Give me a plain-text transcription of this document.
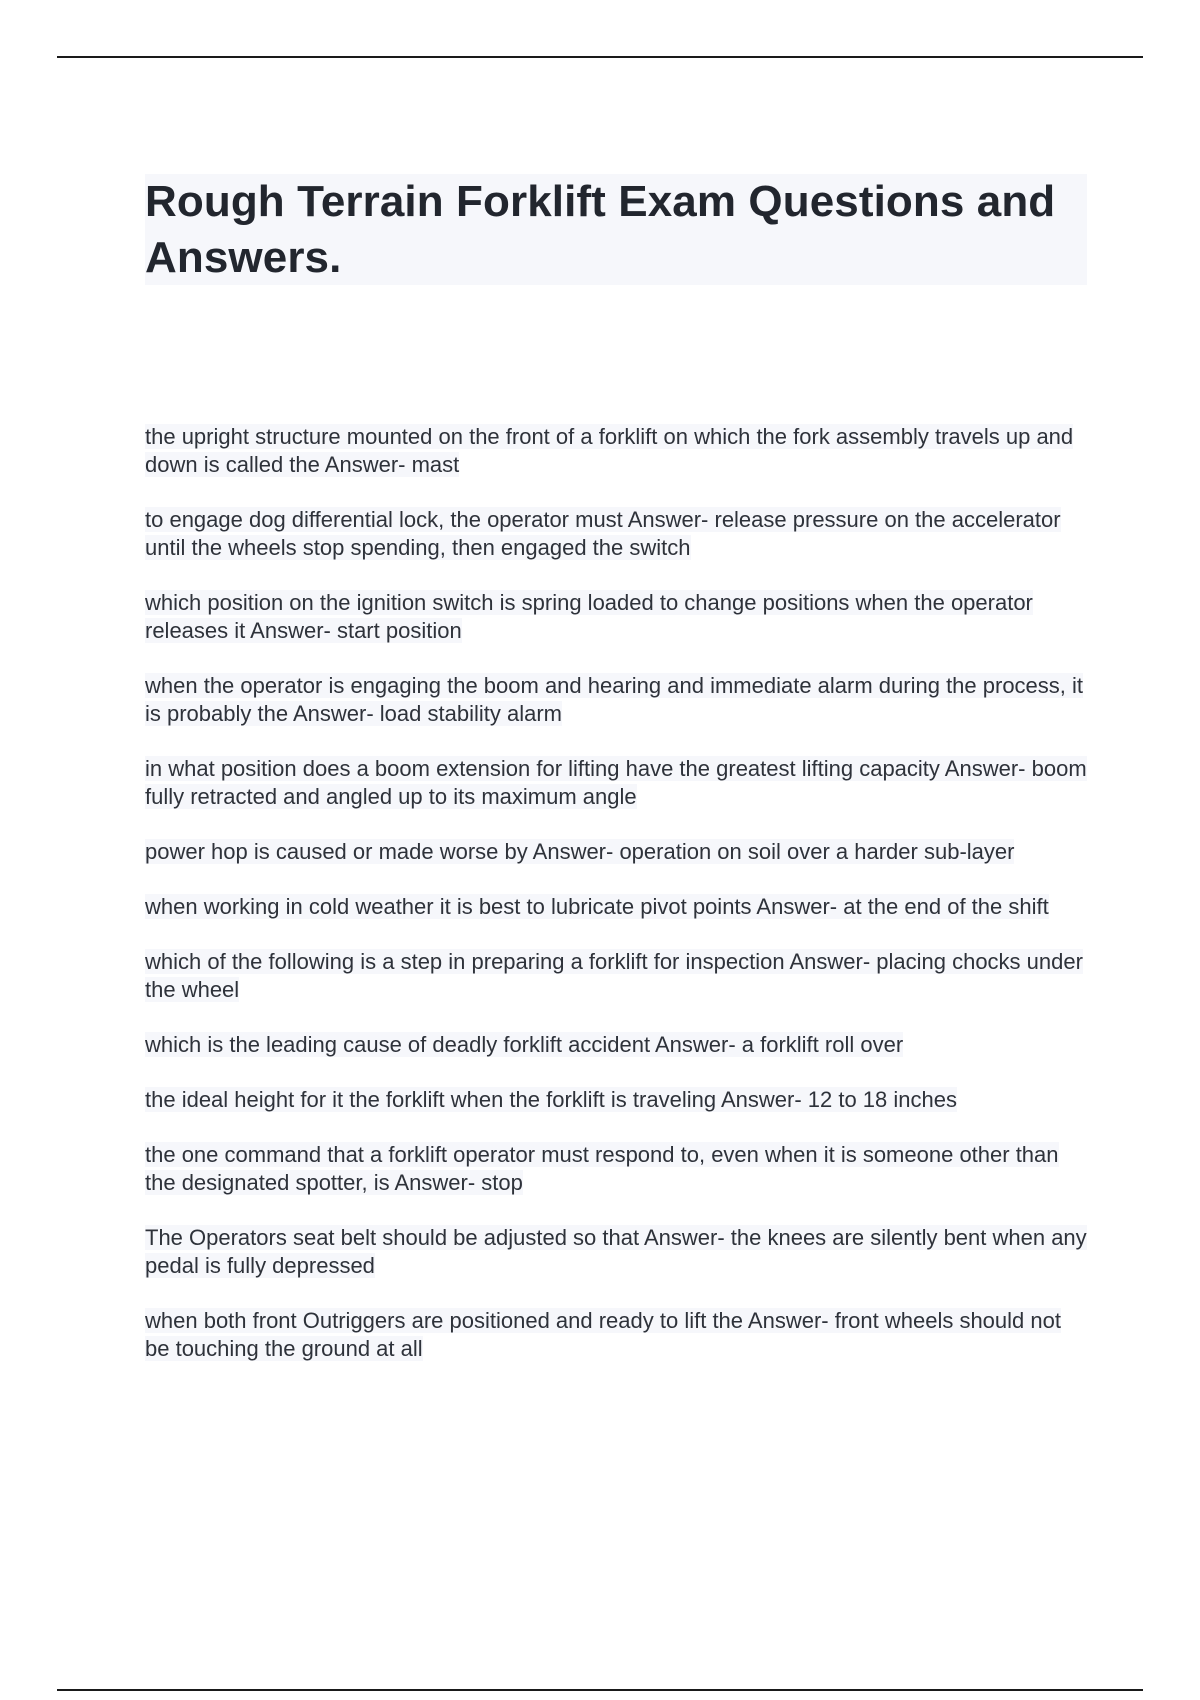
Rough Terrain Forklift Exam Questions and Answers.
the upright structure mounted on the front of a forklift on which the fork assembly travels up and down is called the Answer- mast
to engage dog differential lock, the operator must Answer- release pressure on the accelerator until the wheels stop spending, then engaged the switch
which position on the ignition switch is spring loaded to change positions when the operator releases it Answer- start position
when the operator is engaging the boom and hearing and immediate alarm during the process, it is probably the Answer- load stability alarm
in what position does a boom extension for lifting have the greatest lifting capacity Answer- boom fully retracted and angled up to its maximum angle
power hop is caused or made worse by Answer- operation on soil over a harder sub-layer
when working in cold weather it is best to lubricate pivot points Answer- at the end of the shift
which of the following is a step in preparing a forklift for inspection Answer- placing chocks under the wheel
which is the leading cause of deadly forklift accident Answer- a forklift roll over
the ideal height for it the forklift when the forklift is traveling Answer- 12 to 18 inches
the one command that a forklift operator must respond to, even when it is someone other than the designated spotter, is Answer- stop
The Operators seat belt should be adjusted so that Answer- the knees are silently bent when any pedal is fully depressed
when both front Outriggers are positioned and ready to lift the Answer- front wheels should not be touching the ground at all
